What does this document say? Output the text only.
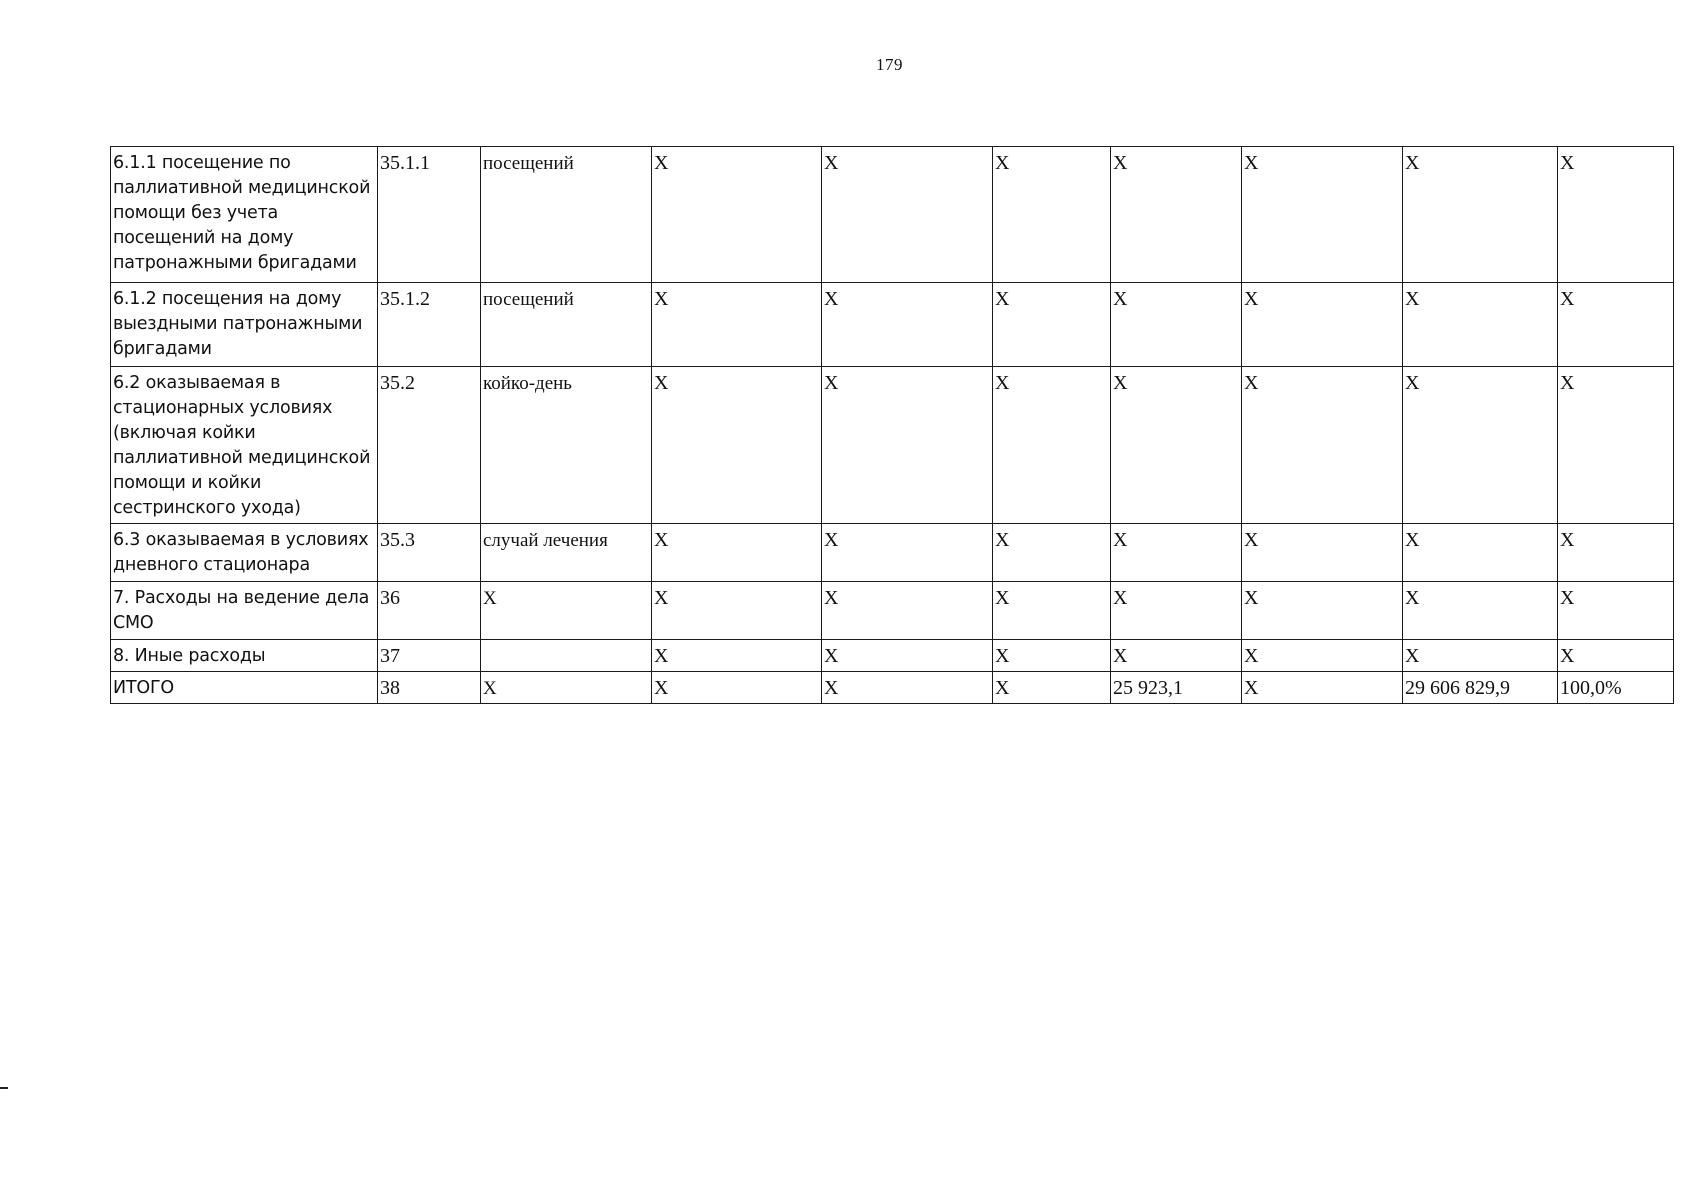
179
6.1.1 посещение по паллиативной медицинской помощи без учета посещений на дому патронажными бригадами	35.1.1	посещений	X	X	X	X	X	X	X
6.1.2 посещения на дому выездными патронажными бригадами	35.1.2	посещений	X	X	X	X	X	X	X
6.2 оказываемая в стационарных условиях (включая койки паллиативной медицинской помощи и койки сестринского ухода)	35.2	койко-день	X	X	X	X	X	X	X
6.3 оказываемая в условиях дневного стационара	35.3	случай лечения	X	X	X	X	X	X	X
7. Расходы на ведение дела СМО	36	X	X	X	X	X	X	X	X
8. Иные расходы	37		X	X	X	X	X	X	X
ИТОГО	38	X	X	X	X	25 923,1	X	29 606 829,9	100,0%
